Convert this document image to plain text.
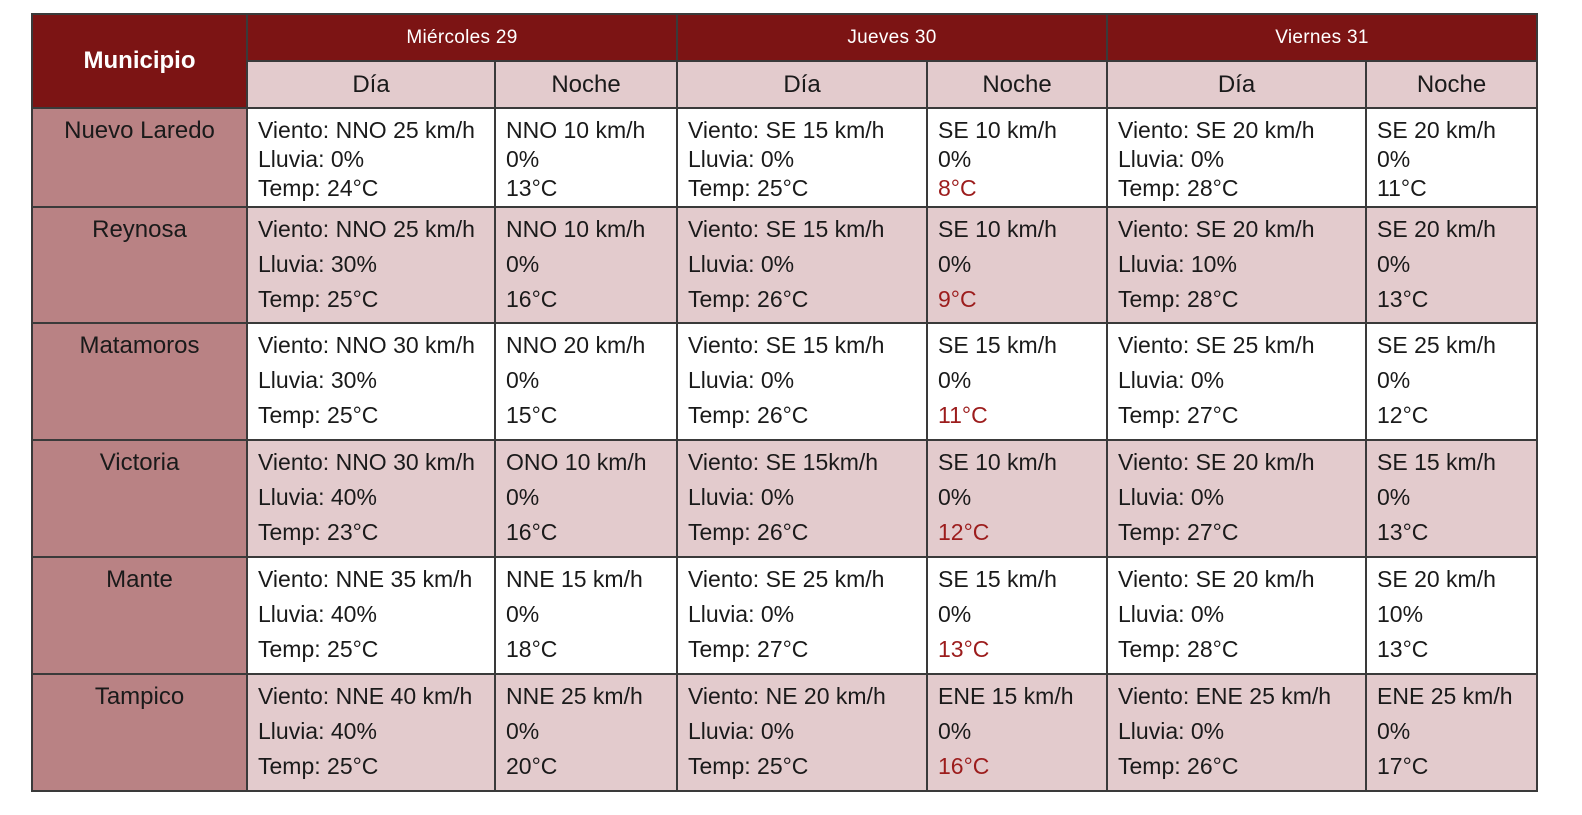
Municipio	Miércoles 29		Jueves 30		Viernes 31	
	Día	Noche	Día	Noche	Día	Noche
Nuevo Laredo	Viento: NNO 25 km/h
Lluvia: 0%
Temp: 24°C	NNO 10 km/h
0%
13°C	Viento: SE 15 km/h
Lluvia: 0%
Temp: 25°C	SE 10 km/h
0%
8°C	Viento: SE 20 km/h
Lluvia: 0%
Temp: 28°C	SE 20 km/h
0%
11°C

Reynosa	Viento: NNO 25 km/h
Lluvia: 30%
Temp: 25°C	NNO 10 km/h
0%
16°C	Viento: SE 15 km/h
Lluvia: 0%
Temp: 26°C	SE 10 km/h
0%
9°C	Viento: SE 20 km/h
Lluvia: 10%
Temp: 28°C	SE 20 km/h
0%
13°C

Matamoros	Viento: NNO 30 km/h
Lluvia: 30%
Temp: 25°C	NNO 20 km/h
0%
15°C	Viento: SE 15 km/h
Lluvia: 0%
Temp: 26°C	SE 15 km/h
0%
11°C	Viento: SE 25 km/h
Lluvia: 0%
Temp: 27°C	SE 25 km/h
0%
12°C

Victoria	Viento: NNO 30 km/h
Lluvia: 40%
Temp: 23°C	ONO 10 km/h
0%
16°C	Viento: SE 15km/h
Lluvia: 0%
Temp: 26°C	SE 10 km/h
0%
12°C	Viento: SE 20 km/h
Lluvia: 0%
Temp: 27°C	SE 15 km/h
0%
13°C

Mante	Viento: NNE 35 km/h
Lluvia: 40%
Temp: 25°C	NNE 15 km/h
0%
18°C	Viento: SE 25 km/h
Lluvia: 0%
Temp: 27°C	SE 15 km/h
0%
13°C	Viento: SE 20 km/h
Lluvia: 0%
Temp: 28°C	SE 20 km/h
10%
13°C

Tampico	Viento: NNE 40 km/h
Lluvia: 40%
Temp: 25°C	NNE 25 km/h
0%
20°C	Viento: NE 20 km/h
Lluvia: 0%
Temp: 25°C	ENE 15 km/h
0%
16°C	Viento: ENE 25 km/h
Lluvia: 0%
Temp: 26°C	ENE 25 km/h
0%
17°C
